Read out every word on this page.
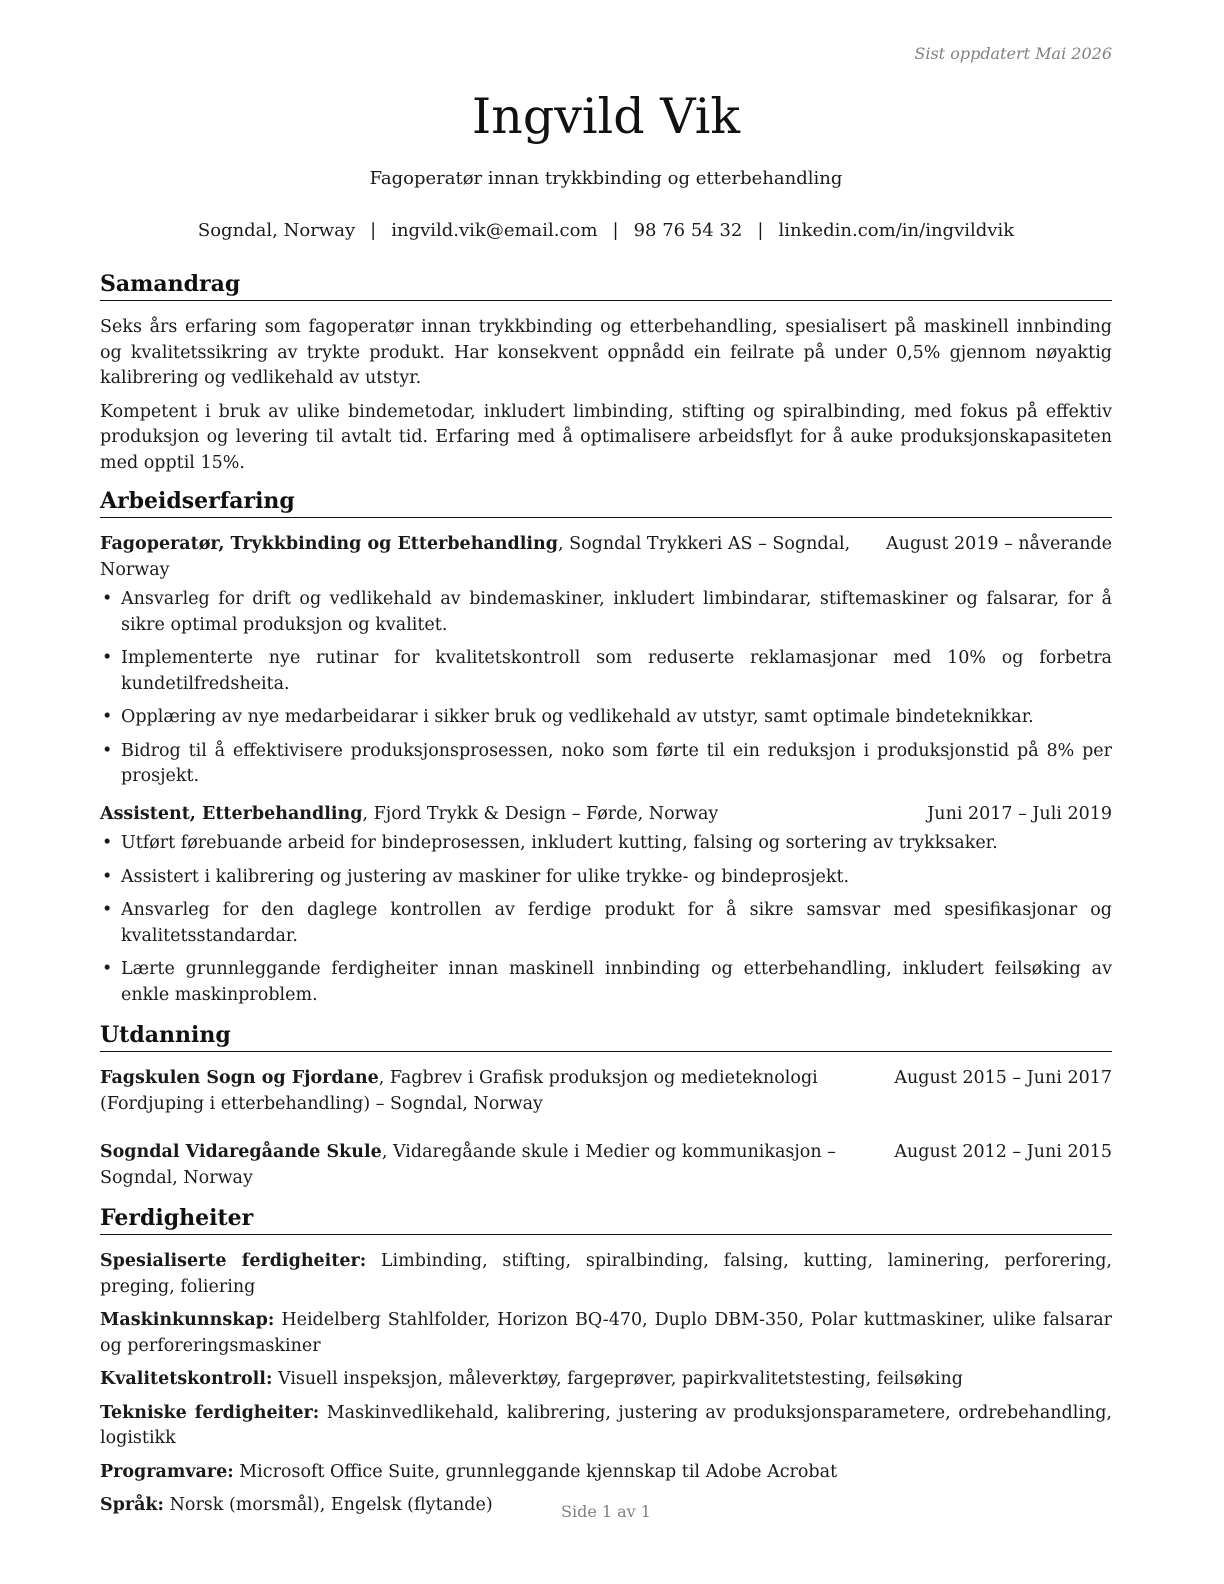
Sist oppdatert Mai 2026
Ingvild Vik
Fagoperatør innan trykkbinding og etterbehandling
Sogndal, Norway | ingvild.vik@email.com | 98 76 54 32 | linkedin.com/in/ingvildvik
Samandrag

Seks års erfaring som fagoperatør innan trykkbinding og etterbehandling, spesialisert på maskinell innbinding og kvalitetssikring av trykte produkt. Har konsekvent oppnådd ein feilrate på under 0,5% gjennom nøyaktig kalibrering og vedlikehald av utstyr.

Kompetent i bruk av ulike bindemetodar, inkludert limbinding, stifting og spiralbinding, med fokus på effektiv produksjon og levering til avtalt tid. Erfaring med å optimalisere arbeidsflyt for å auke produksjonskapasiteten med opptil 15%.

Arbeidserfaring
Fagoperatør, Trykkbinding og Etterbehandling, Sogndal Trykkeri AS – Sogndal, Norway
August 2019 – nåverande
• Ansvarleg for drift og vedlikehald av bindemaskiner, inkludert limbindarar, stiftemaskiner og falsarar, for å sikre optimal produksjon og kvalitet.
• Implementerte nye rutinar for kvalitetskontroll som reduserte reklamasjonar med 10% og forbetra kundetilfredsheita.
• Opplæring av nye medarbeidarar i sikker bruk og vedlikehald av utstyr, samt optimale bindeteknikkar.
• Bidrog til å effektivisere produksjonsprosessen, noko som førte til ein reduksjon i produksjonstid på 8% per prosjekt.
Assistent, Etterbehandling, Fjord Trykk & Design – Førde, Norway	Juni 2017 – Juli 2019
• Utført førebuande arbeid for bindeprosessen, inkludert kutting, falsing og sortering av trykksaker.
• Assistert i kalibrering og justering av maskiner for ulike trykke- og bindeprosjekt.
• Ansvarleg for den daglege kontrollen av ferdige produkt for å sikre samsvar med spesifikasjonar og kvalitetsstandardar.
• Lærte grunnleggande ferdigheiter innan maskinell innbinding og etterbehandling, inkludert feilsøking av enkle maskinproblem.
Utdanning
Fagskulen Sogn og Fjordane, Fagbrev i Grafisk produksjon og medieteknologi (Fordjuping i etterbehandling) – Sogndal, Norway
August 2015 – Juni 2017
Sogndal Vidaregåande Skule, Vidaregåande skule i Medier og kommunikasjon – Sogndal, Norway
August 2012 – Juni 2015
Ferdigheiter
Spesialiserte ferdigheiter: Limbinding, stifting, spiralbinding, falsing, kutting, laminering, perforering, preging, foliering
Maskinkunnskap: Heidelberg Stahlfolder, Horizon BQ-470, Duplo DBM-350, Polar kuttmaskiner, ulike falsarar og perforeringsmaskiner
Kvalitetskontroll: Visuell inspeksjon, måleverktøy, fargeprøver, papirkvalitetstesting, feilsøking
Tekniske ferdigheiter: Maskinvedlikehald, kalibrering, justering av produksjonsparametere, ordrebehandling, logistikk
Programvare: Microsoft Office Suite, grunnleggande kjennskap til Adobe Acrobat
Språk: Norsk (morsmål), Engelsk (flytande)	Side 1 av 1
